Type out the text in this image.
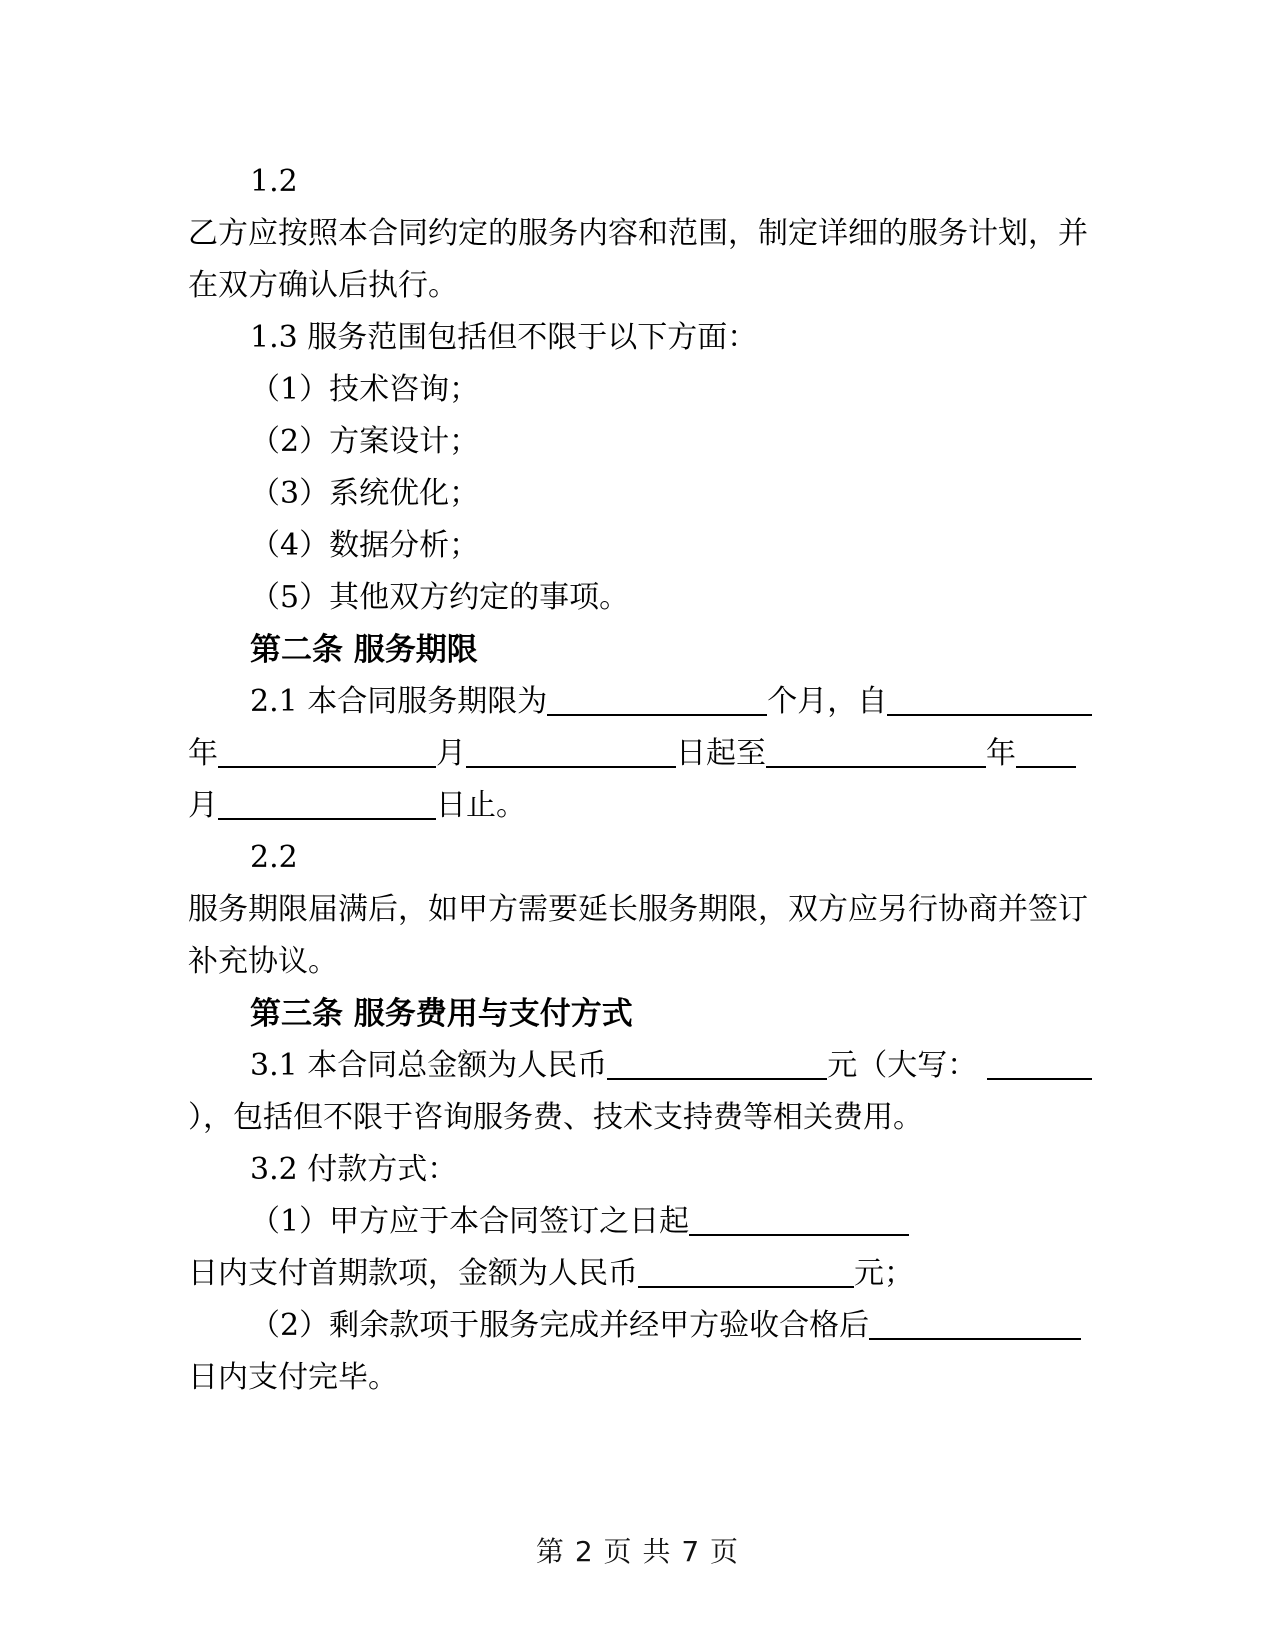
1.2
乙方应按照本合同约定的服务内容和范围，制定详细的服务计划，并
在双方确认后执行。
1.3 服务范围包括但不限于以下方面：
（1）技术咨询；
（2）方案设计；
（3）系统优化；
（4）数据分析；
（5）其他双方约定的事项。
第二条 服务期限
2.1 本合同服务期限为	个月，自
年	月	日起至	年
月	日止。
2.2
服务期限届满后，如甲方需要延长服务期限，双方应另行协商并签订
补充协议。
第三条 服务费用与支付方式
3.1 本合同总金额为人民币	元（大写：
），包括但不限于咨询服务费、技术支持费等相关费用。
3.2 付款方式：
（1）甲方应于本合同签订之日起
日内支付首期款项，金额为人民币	元；
（2）剩余款项于服务完成并经甲方验收合格后
日内支付完毕。
第 2 页 共 7 页
